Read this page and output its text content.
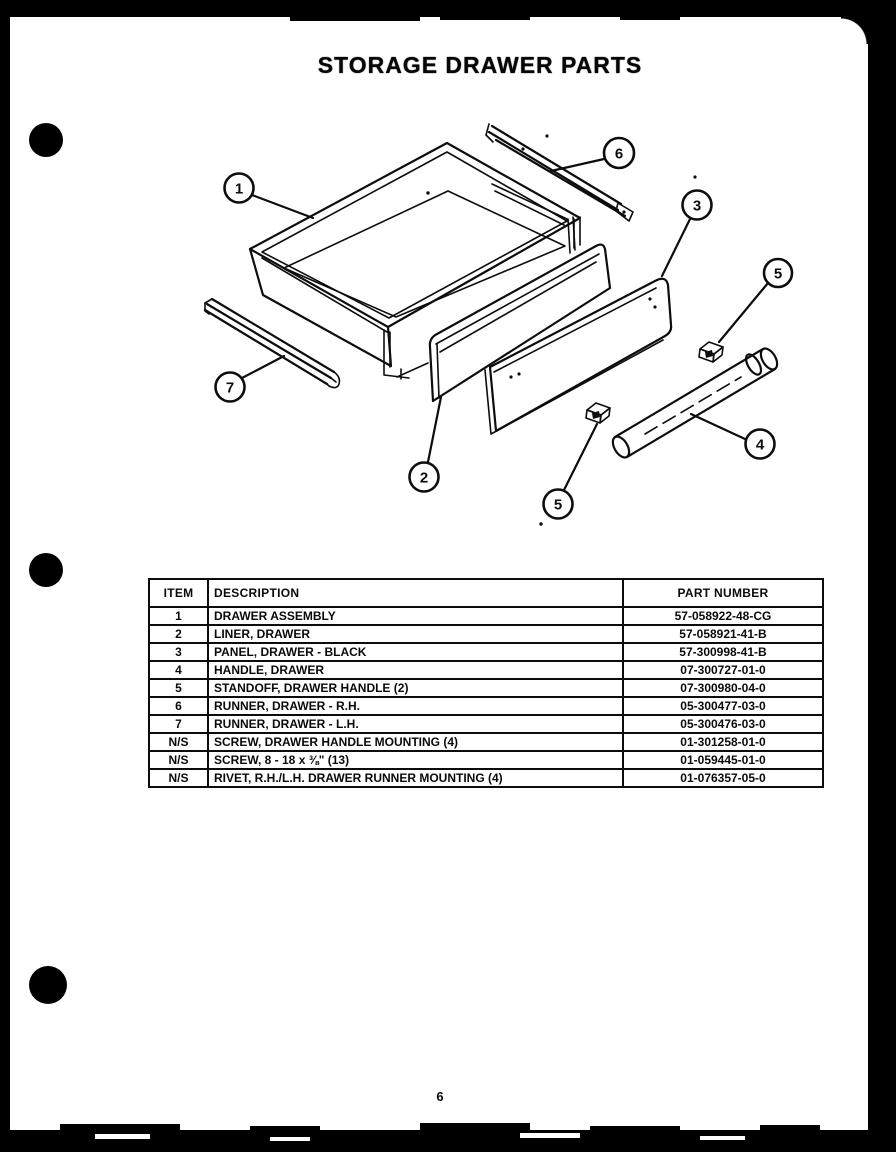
STORAGE DRAWER PARTS
1
2
3
4
5
5
6
7
ITEM	DESCRIPTION	PART NUMBER
1	DRAWER ASSEMBLY	57-058922-48-CG
2	LINER, DRAWER	57-058921-41-B
3	PANEL, DRAWER - BLACK	57-300998-41-B
4	HANDLE, DRAWER	07-300727-01-0
5	STANDOFF, DRAWER HANDLE (2)	07-300980-04-0
6	RUNNER, DRAWER - R.H.	05-300477-03-0
7	RUNNER, DRAWER - L.H.	05-300476-03-0
N/S	SCREW, DRAWER HANDLE MOUNTING (4)	01-301258-01-0
N/S	SCREW, 8 - 18 x ⅜" (13)	01-059445-01-0
N/S	RIVET, R.H./L.H. DRAWER RUNNER MOUNTING (4)	01-076357-05-0
6
